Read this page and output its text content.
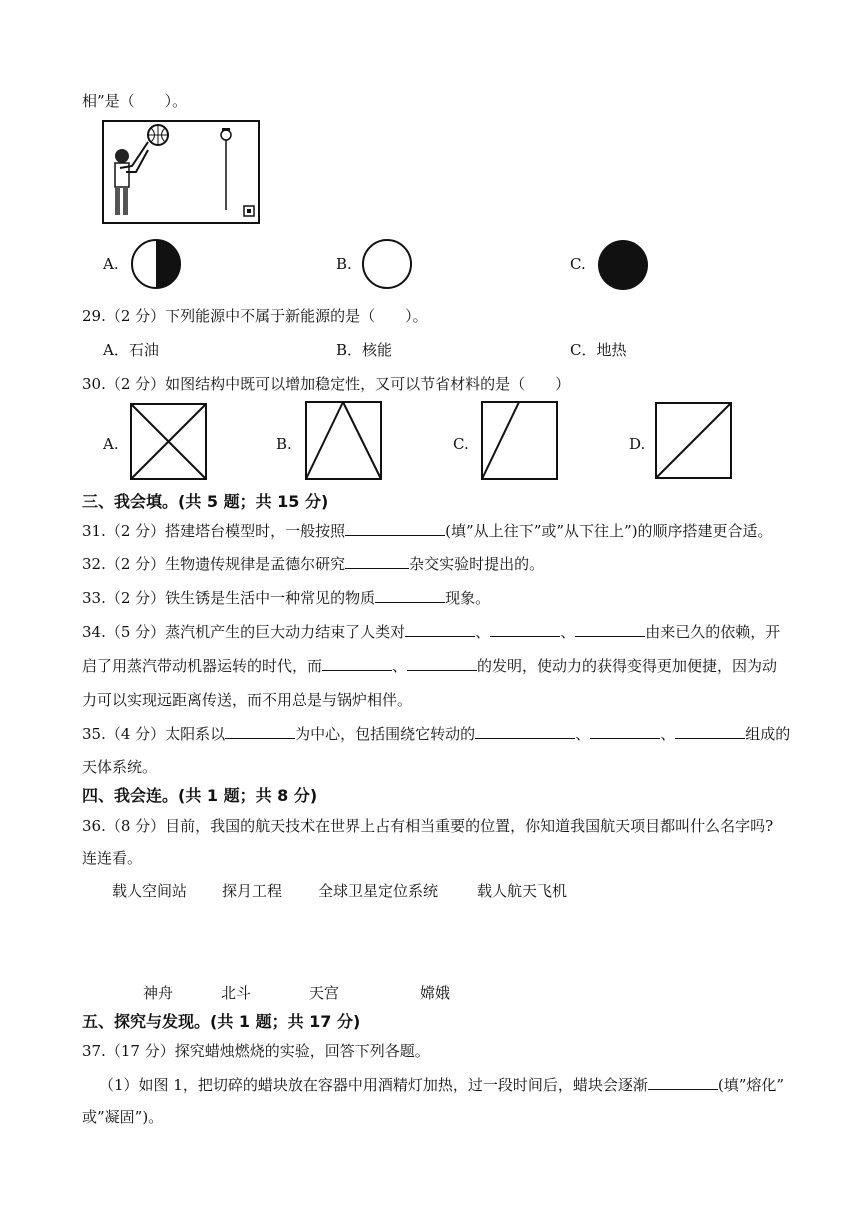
相”是（　　）。
A.	B.	C.
29.（2 分）下列能源中不属于新能源的是（　　）。
A．石油	B．核能	C．地热
30.（2 分）如图结构中既可以增加稳定性，又可以节省材料的是（　　）
A.	B.	C.	D.
三、我会填。(共 5 题；共 15 分)
31.（2 分）搭建塔台模型时，一般按照	(填”从上往下”或”从下往上”)的顺序搭建更合适。
32.（2 分）生物遗传规律是孟德尔研究	杂交实验时提出的。
33.（2 分）铁生锈是生活中一种常见的物质	现象。
34.（5 分）蒸汽机产生的巨大动力结束了人类对	、	、	由来已久的依赖，开
启了用蒸汽带动机器运转的时代，而	、	的发明，使动力的获得变得更加便捷，因为动
力可以实现远距离传送，而不用总是与锅炉相伴。
35.（4 分）太阳系以	为中心，包括围绕它转动的	、	、	组成的
天体系统。
四、我会连。(共 1 题；共 8 分)
36.（8 分）目前，我国的航天技术在世界上占有相当重要的位置，你知道我国航天项目都叫什么名字吗?
连连看。
载人空间站 探月工程 全球卫星定位系统	载人航天飞机
神舟	北斗	天宫	嫦娥
五、探究与发现。(共 1 题；共 17 分)
37.（17 分）探究蜡烛燃烧的实验，回答下列各题。
（1）如图 1，把切碎的蜡块放在容器中用酒精灯加热，过一段时间后，蜡块会逐渐	(填”熔化”
或”凝固”)。
